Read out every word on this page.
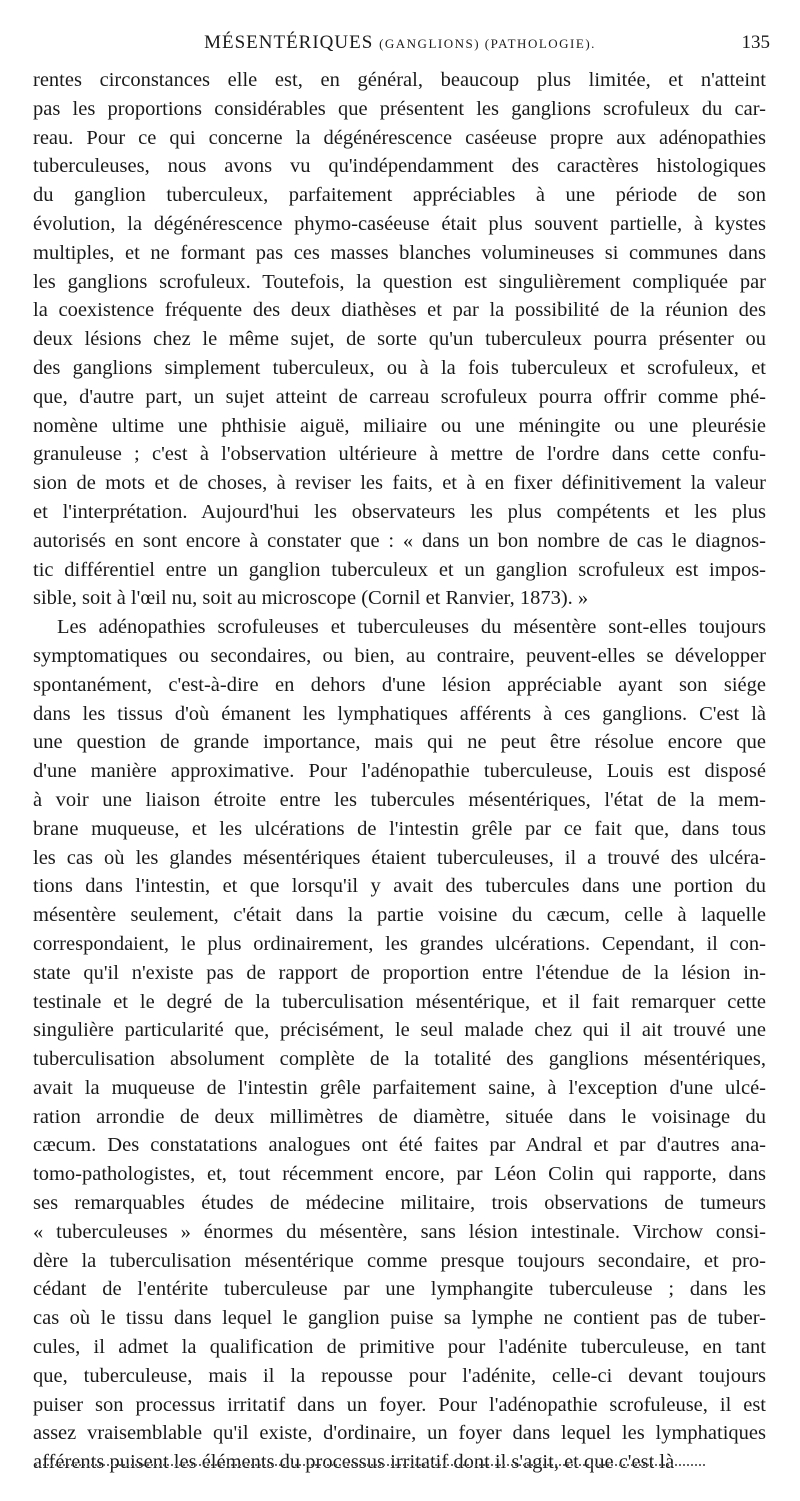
MÉSENTÉRIQUES (GANGLIONS) (PATHOLOGIE).	135
rentes circonstances elle est, en général, beaucoup plus limitée, et n'atteint
pas les proportions considérables que présentent les ganglions scrofuleux du car-
reau. Pour ce qui concerne la dégénérescence caséeuse propre aux adénopathies
tuberculeuses, nous avons vu qu'indépendamment des caractères histologiques
du ganglion tuberculeux, parfaitement appréciables à une période de son
évolution, la dégénérescence phymo-caséeuse était plus souvent partielle, à kystes
multiples, et ne formant pas ces masses blanches volumineuses si communes dans
les ganglions scrofuleux. Toutefois, la question est singulièrement compliquée par
la coexistence fréquente des deux diathèses et par la possibilité de la réunion des
deux lésions chez le même sujet, de sorte qu'un tuberculeux pourra présenter ou
des ganglions simplement tuberculeux, ou à la fois tuberculeux et scrofuleux, et
que, d'autre part, un sujet atteint de carreau scrofuleux pourra offrir comme phé-
nomène ultime une phthisie aiguë, miliaire ou une méningite ou une pleurésie
granuleuse ; c'est à l'observation ultérieure à mettre de l'ordre dans cette confu-
sion de mots et de choses, à reviser les faits, et à en fixer définitivement la valeur
et l'interprétation. Aujourd'hui les observateurs les plus compétents et les plus
autorisés en sont encore à constater que : « dans un bon nombre de cas le diagnos-
tic différentiel entre un ganglion tuberculeux et un ganglion scrofuleux est impos-
sible, soit à l'œil nu, soit au microscope (Cornil et Ranvier, 1873). »
Les adénopathies scrofuleuses et tuberculeuses du mésentère sont-elles toujours
symptomatiques ou secondaires, ou bien, au contraire, peuvent-elles se développer
spontanément, c'est-à-dire en dehors d'une lésion appréciable ayant son siége
dans les tissus d'où émanent les lymphatiques afférents à ces ganglions. C'est là
une question de grande importance, mais qui ne peut être résolue encore que
d'une manière approximative. Pour l'adénopathie tuberculeuse, Louis est disposé
à voir une liaison étroite entre les tubercules mésentériques, l'état de la mem-
brane muqueuse, et les ulcérations de l'intestin grêle par ce fait que, dans tous
les cas où les glandes mésentériques étaient tuberculeuses, il a trouvé des ulcéra-
tions dans l'intestin, et que lorsqu'il y avait des tubercules dans une portion du
mésentère seulement, c'était dans la partie voisine du cæcum, celle à laquelle
correspondaient, le plus ordinairement, les grandes ulcérations. Cependant, il con-
state qu'il n'existe pas de rapport de proportion entre l'étendue de la lésion in-
testinale et le degré de la tuberculisation mésentérique, et il fait remarquer cette
singulière particularité que, précisément, le seul malade chez qui il ait trouvé une
tuberculisation absolument complète de la totalité des ganglions mésentériques,
avait la muqueuse de l'intestin grêle parfaitement saine, à l'exception d'une ulcé-
ration arrondie de deux millimètres de diamètre, située dans le voisinage du
cæcum. Des constatations analogues ont été faites par Andral et par d'autres ana-
tomo-pathologistes, et, tout récemment encore, par Léon Colin qui rapporte, dans
ses remarquables études de médecine militaire, trois observations de tumeurs
« tuberculeuses » énormes du mésentère, sans lésion intestinale. Virchow consi-
dère la tuberculisation mésentérique comme presque toujours secondaire, et pro-
cédant de l'entérite tuberculeuse par une lymphangite tuberculeuse ; dans les
cas où le tissu dans lequel le ganglion puise sa lymphe ne contient pas de tuber-
cules, il admet la qualification de primitive pour l'adénite tuberculeuse, en tant
que, tuberculeuse, mais il la repousse pour l'adénite, celle-ci devant toujours
puiser son processus irritatif dans un foyer. Pour l'adénopathie scrofuleuse, il est
assez vraisemblable qu'il existe, d'ordinaire, un foyer dans lequel les lymphatiques
afférents puisent les éléments du processus irritatif dont il s'agit, et que c'est là
